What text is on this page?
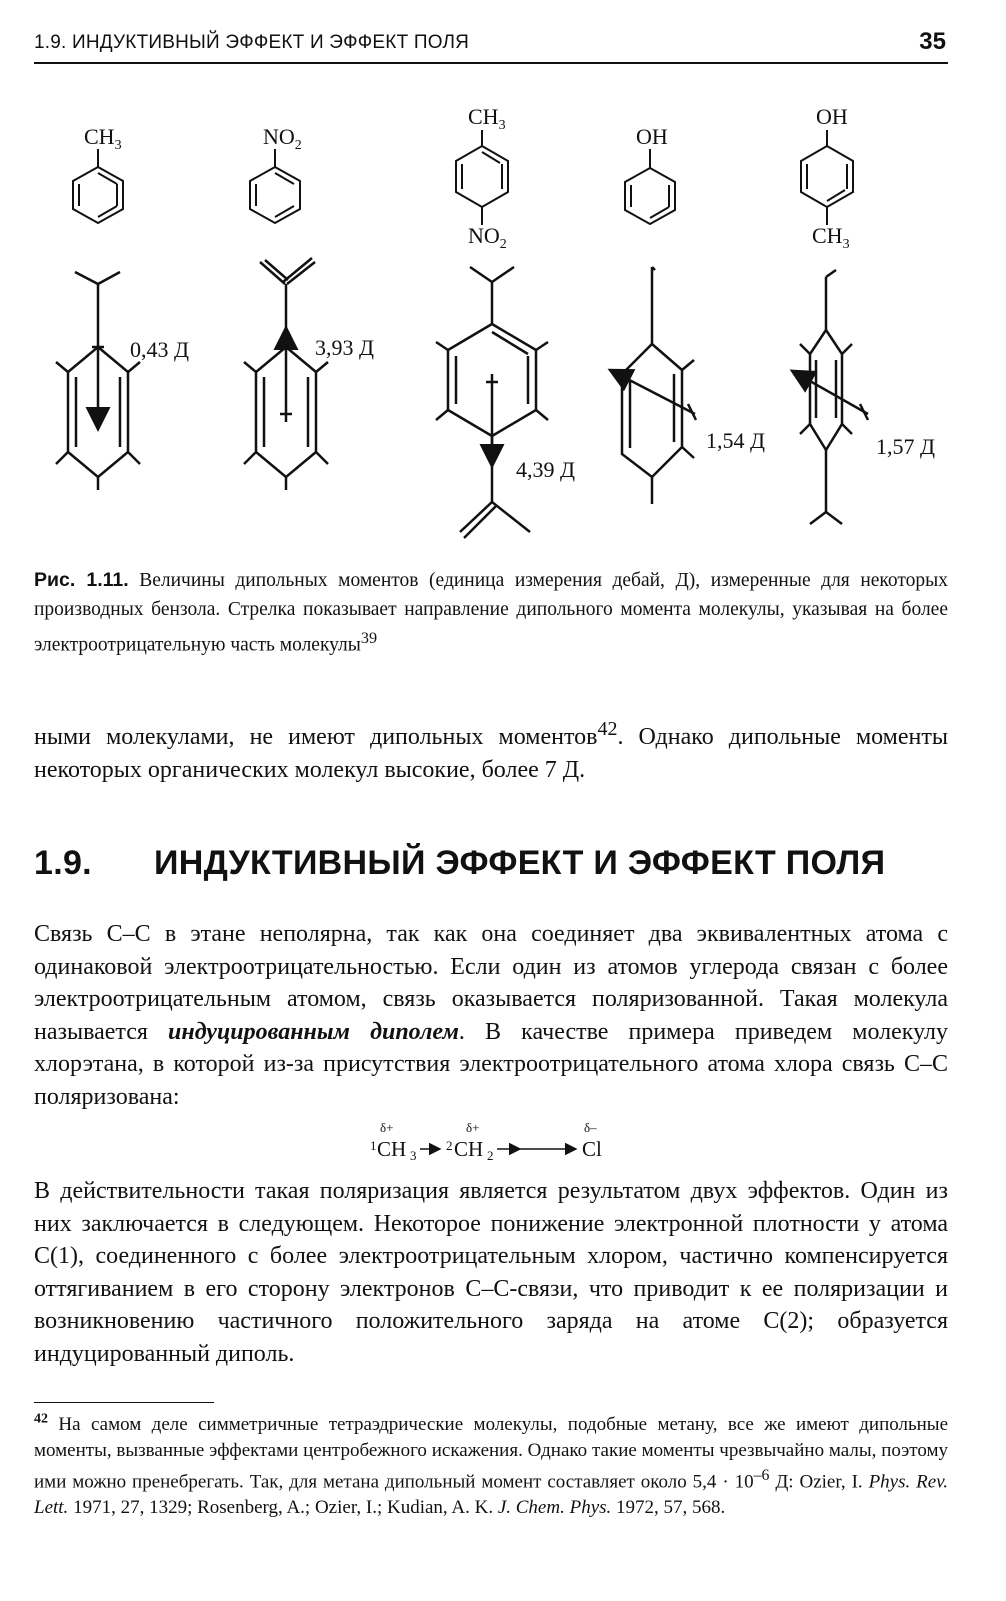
1.9. ИНДУКТИВНЫЙ ЭФФЕКТ И ЭФФЕКТ ПОЛЯ	35
$CH_3$	$NO_2$
$CH_3$
$NO_2$
OH
OH
$CH_3$
0,43 Д	3,93 Д
4,39 Д
1,54 Д	1,57 Д
Рис. 1.11. Величины дипольных моментов (единица измерения дебай, Д), измеренные для некоторых производных бензола. Стрелка показывает направление дипольного момента молекулы, указывая на более электроотрицательную часть молекулы$^{39}$
ными молекулами, не имеют дипольных моментов$^{42}$. Однако дипольные моменты некоторых органических молекул высокие, более 7 Д.
1.9. ИНДУКТИВНЫЙ ЭФФЕКТ И ЭФФЕКТ ПОЛЯ
Связь С–С в этане неполярна, так как она соединяет два эквивалентных атома с одинаковой электроотрицательностью. Если один из атомов углерода связан с более электроотрицательным атомом, связь оказывается поляризованной. Такая молекула называется индуцированным диполем. В качестве примера приведем молекулу хлорэтана, в которой из-за присутствия электроотрицательного атома хлора связь С–С поляризована:
δ+	δ+	δ–
1 CH 3
2 CH 2	Cl
В действительности такая поляризация является результатом двух эффектов. Один из них заключается в следующем. Некоторое понижение электронной плотности у атома С(1), соединенного с более электроотрицательным хлором, частично компенсируется оттягиванием в его сторону электронов С–С-связи, что приводит к ее поляризации и возникновению частичного положительного заряда на атоме С(2); образуется индуцированный диполь.
$^{42}$ На самом деле симметричные тетраэдрические молекулы, подобные метану, все же имеют дипольные моменты, вызванные эффектами центробежного искажения. Однако такие моменты чрезвычайно малы, поэтому ими можно пренебрегать. Так, для метана дипольный момент составляет около $5,4 \cdot 10^{-6}$ Д: Ozier, I. Phys. Rev. Lett. 1971, 27, 1329; Rosenberg, A.; Ozier, I.; Kudian, A. K. J. Chem. Phys. 1972, 57, 568.
